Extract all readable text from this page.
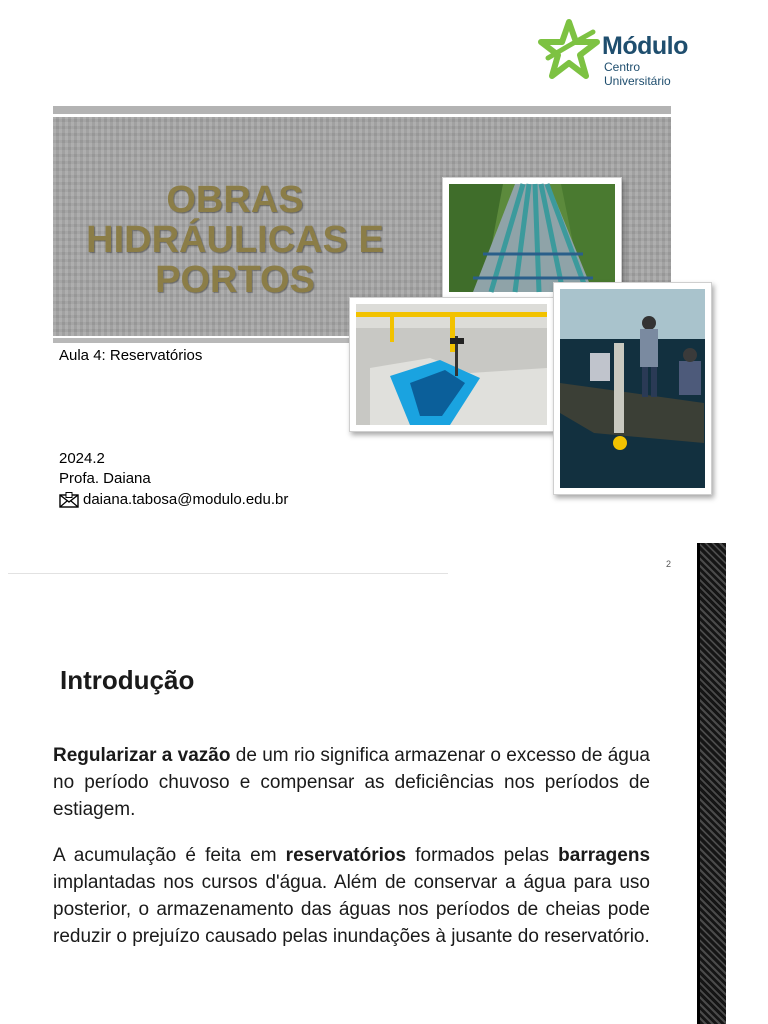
Módulo
Centro
Universitário
OBRAS
HIDRÁULICAS E
PORTOS
Aula 4: Reservatórios
2024.2
Profa. Daiana
daiana.tabosa@modulo.edu.br
2
Introdução

Regularizar a vazão de um rio significa armazenar o excesso de água no período chuvoso e compensar as deficiências nos períodos de estiagem.

A acumulação é feita em reservatórios formados pelas barragens implantadas nos cursos d'água. Além de conservar a água para uso posterior, o armazenamento das águas nos períodos de cheias pode reduzir o prejuízo causado pelas inundações à jusante do reservatório.
